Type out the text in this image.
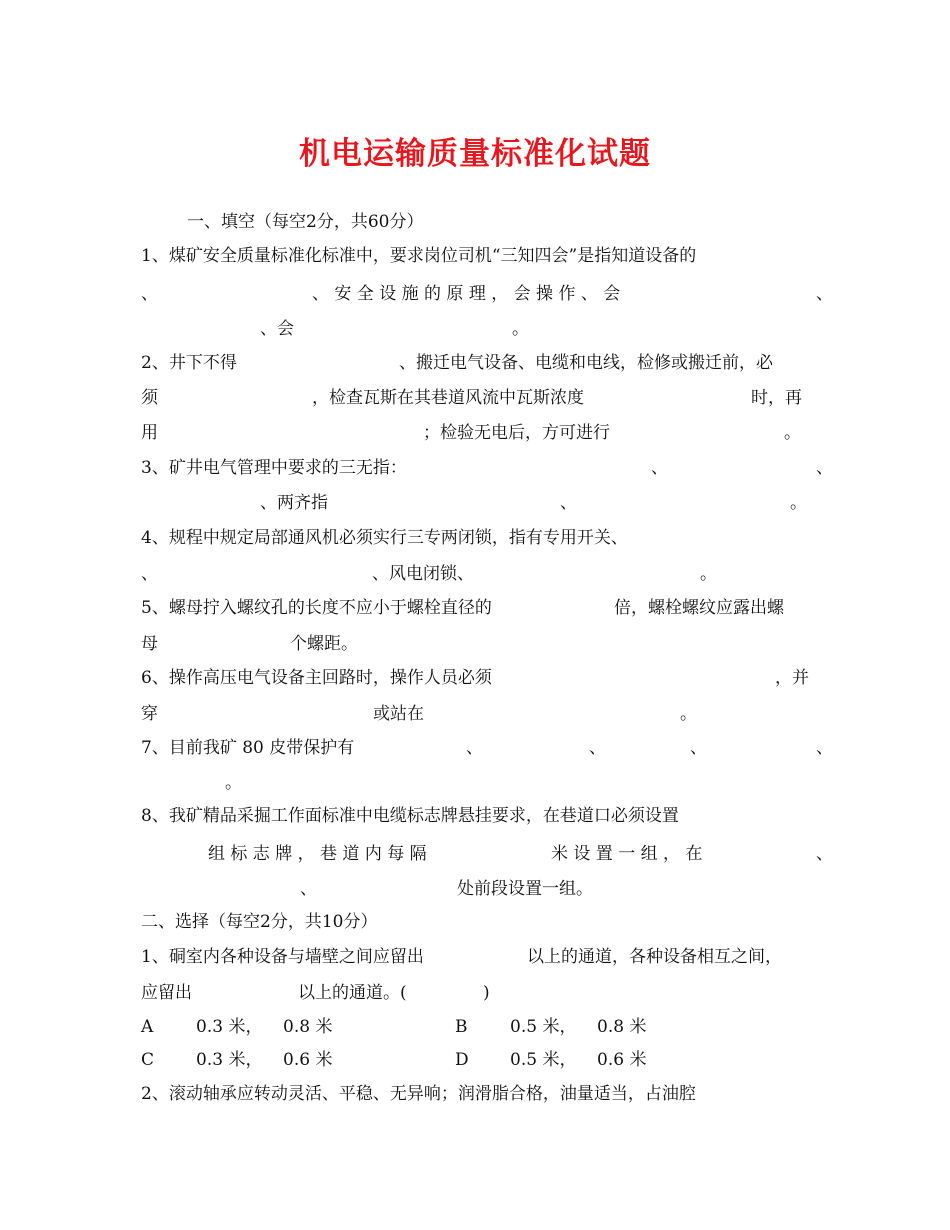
机电运输质量标准化试题

一、填空（每空2分，共60分）

1、煤矿安全质量标准化标准中，要求岗位司机“三知四会”是指知道设备的

、	、 安 全 设 施 的 原 理 ， 会 操 作 、 会	、

、会	。

2、井下不得	、搬迁电气设备、电缆和电线，检修或搬迁前，必

须	，检查瓦斯在其巷道风流中瓦斯浓度	时，再

用	；检验无电后，方可进行	。

3、矿井电气管理中要求的三无指：	、	、

、两齐指	、	。

4、规程中规定局部通风机必须实行三专两闭锁，指有专用开关、

、	、风电闭锁、	。

5、螺母拧入螺纹孔的长度不应小于螺栓直径的	倍，螺栓螺纹应露出螺

母	个螺距。

6、操作高压电气设备主回路时，操作人员必须	，并

穿	或站在	。

7、目前我矿 80 皮带保护有	、	、	、	、

。

8、我矿精品采掘工作面标准中电缆标志牌悬挂要求，在巷道口必须设置

组 标 志 牌 ， 巷 道 内 每 隔	米 设 置 一 组 ， 在	、

、	处前段设置一组。

二、选择（每空2分，共10分）

1、硐室内各种设备与墙壁之间应留出	以上的通道，各种设备相互之间，

应留出	以上的通道。(	)

A	0.3 米， 0.8 米	B	0.5 米， 0.8 米
C 0.3 米， 0.6 米	D 0.5 米， 0.6 米

2、滚动轴承应转动灵活、平稳、无异响；润滑脂合格，油量适当，占油腔
